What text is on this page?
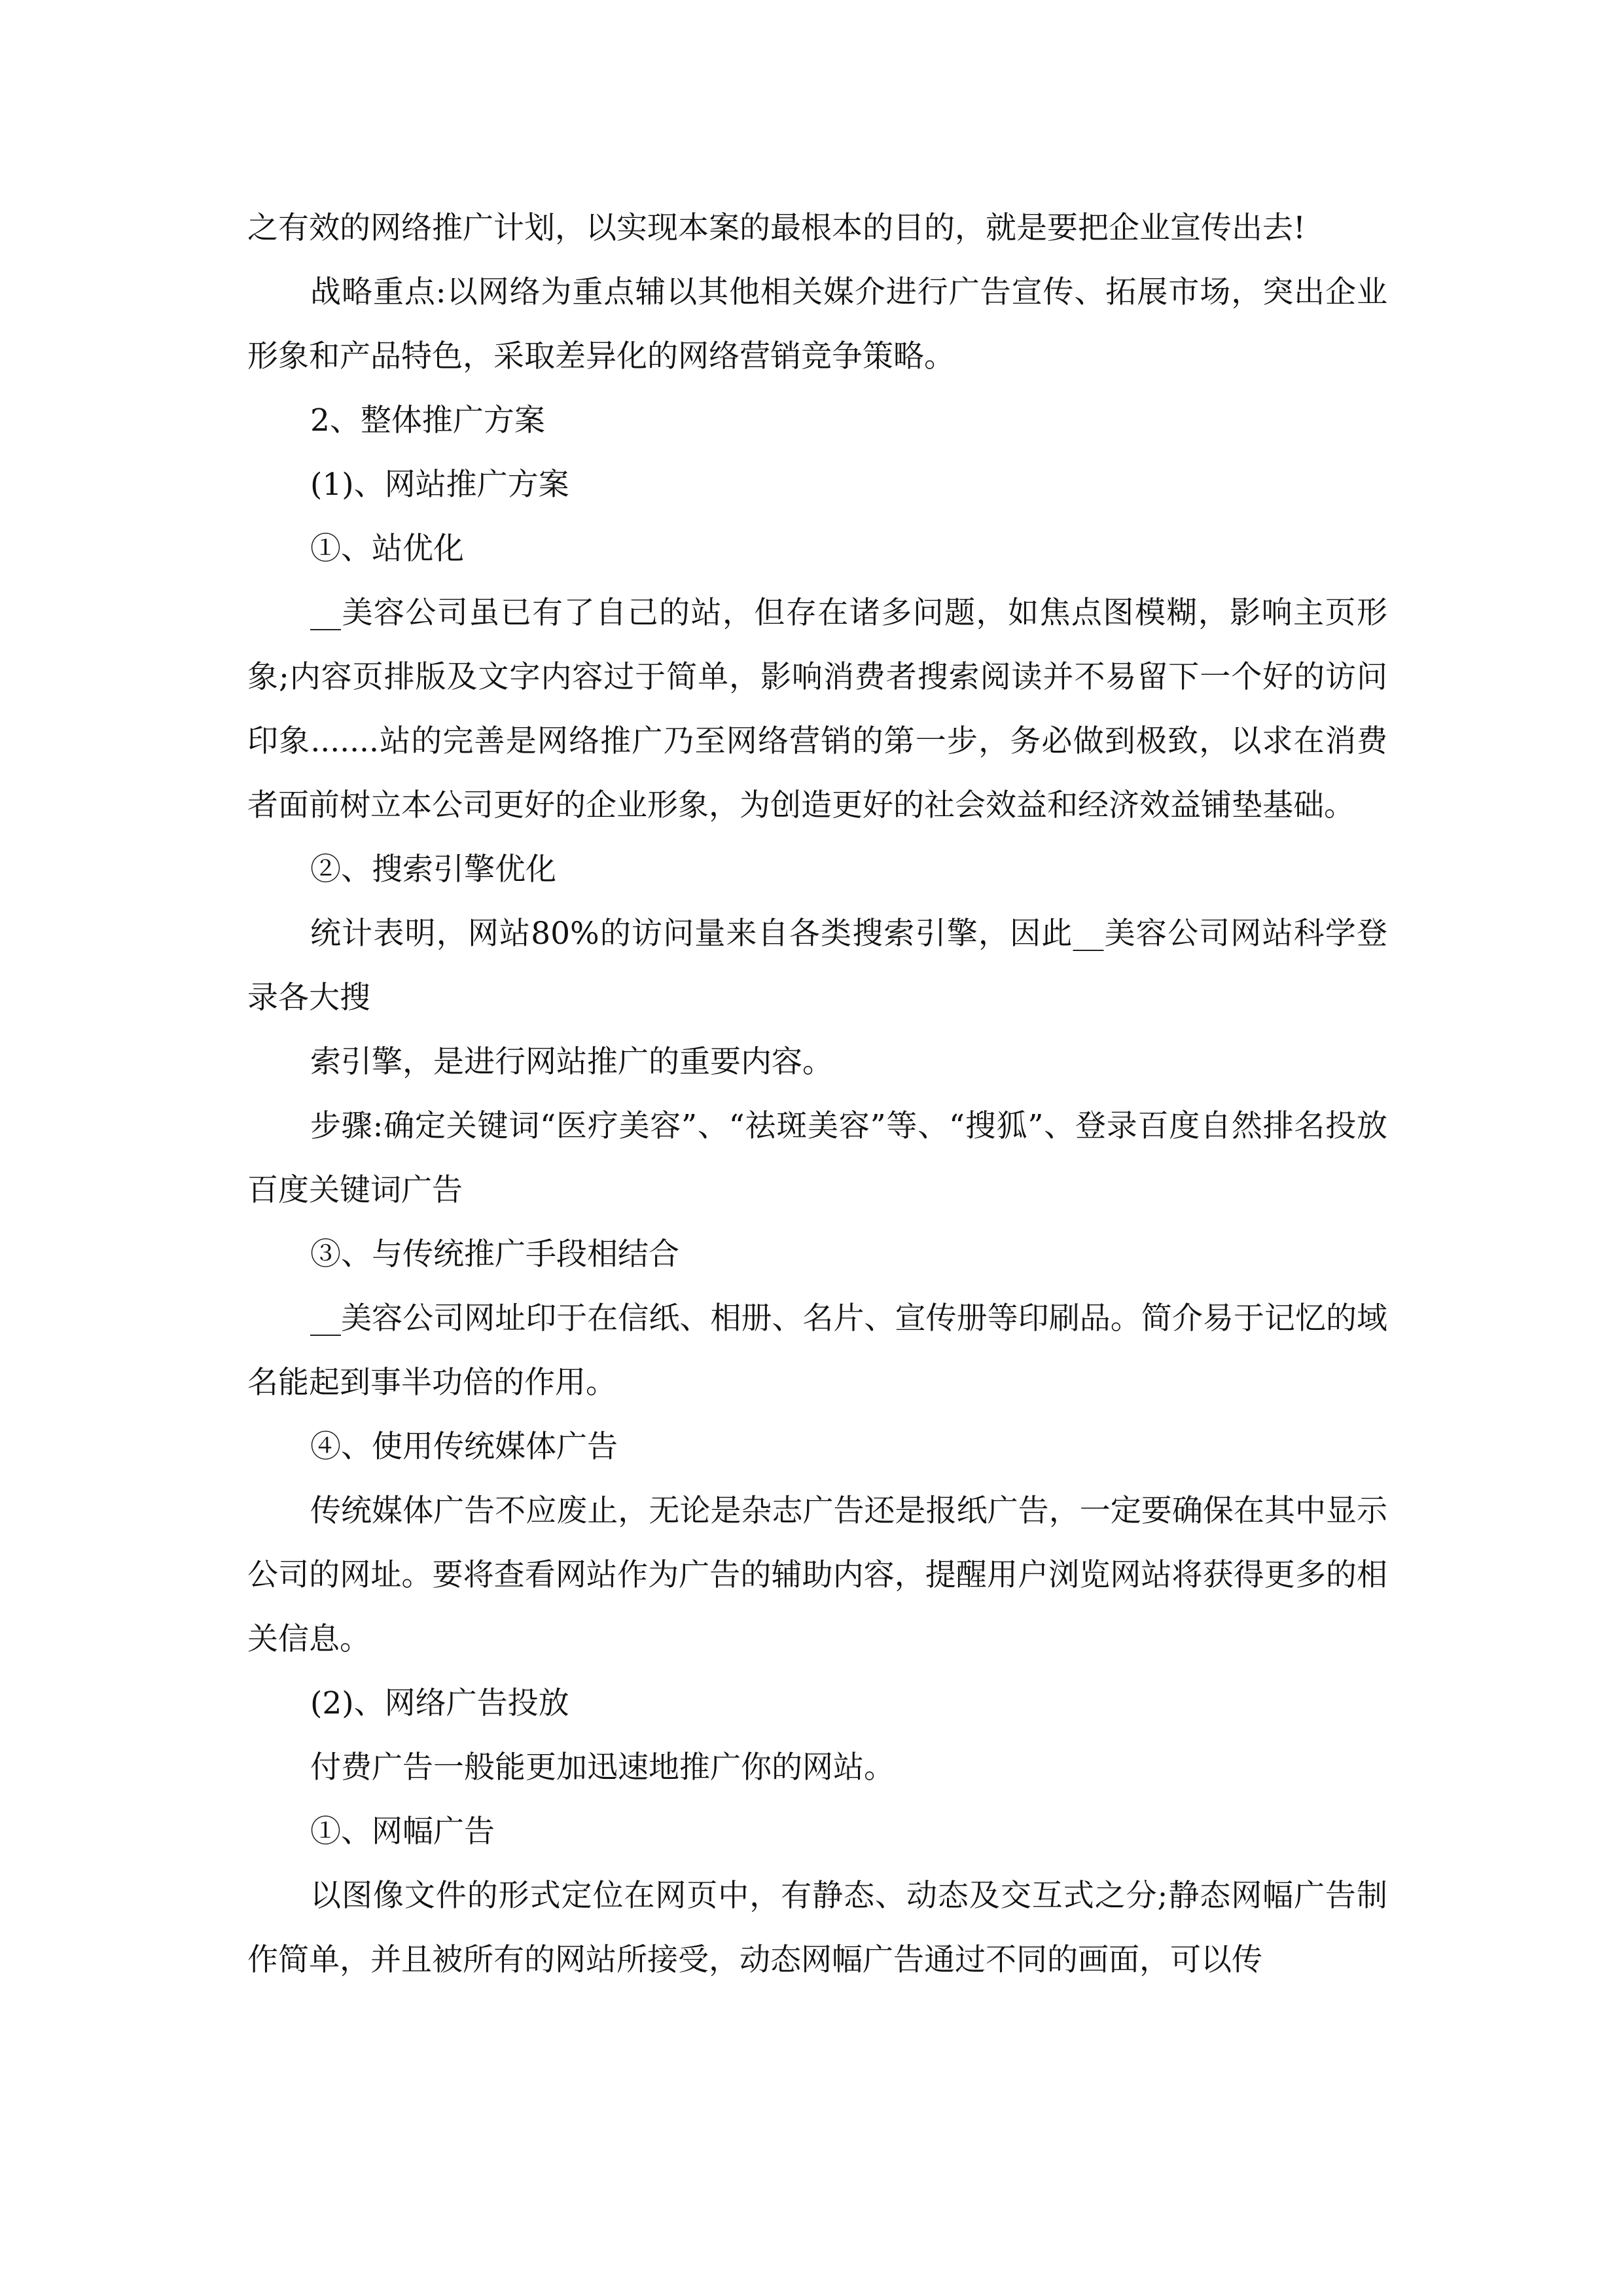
之有效的网络推广计划，以实现本案的最根本的目的，就是要把企业宣传出去!

战略重点:以网络为重点辅以其他相关媒介进行广告宣传、拓展市场，突出企业形象和产品特色，采取差异化的网络营销竞争策略。

2、整体推广方案

(1)、网站推广方案

①、站优化

__美容公司虽已有了自己的站，但存在诸多问题，如焦点图模糊，影响主页形象;内容页排版及文字内容过于简单，影响消费者搜索阅读并不易留下一个好的访问印象.......站的完善是网络推广乃至网络营销的第一步，务必做到极致，以求在消费者面前树立本公司更好的企业形象，为创造更好的社会效益和经济效益铺垫基础。

②、搜索引擎优化

统计表明，网站80%的访问量来自各类搜索引擎，因此__美容公司网站科学登录各大搜

索引擎，是进行网站推广的重要内容。

步骤:确定关键词“医疗美容”、“祛斑美容”等、“搜狐”、登录百度自然排名投放百度关键词广告

③、与传统推广手段相结合

__美容公司网址印于在信纸、相册、名片、宣传册等印刷品。简介易于记忆的域名能起到事半功倍的作用。

④、使用传统媒体广告

传统媒体广告不应废止，无论是杂志广告还是报纸广告，一定要确保在其中显示公司的网址。要将查看网站作为广告的辅助内容，提醒用户浏览网站将获得更多的相关信息。

(2)、网络广告投放

付费广告一般能更加迅速地推广你的网站。

①、网幅广告

以图像文件的形式定位在网页中，有静态、动态及交互式之分;静态网幅广告制作简单，并且被所有的网站所接受，动态网幅广告通过不同的画面，可以传
